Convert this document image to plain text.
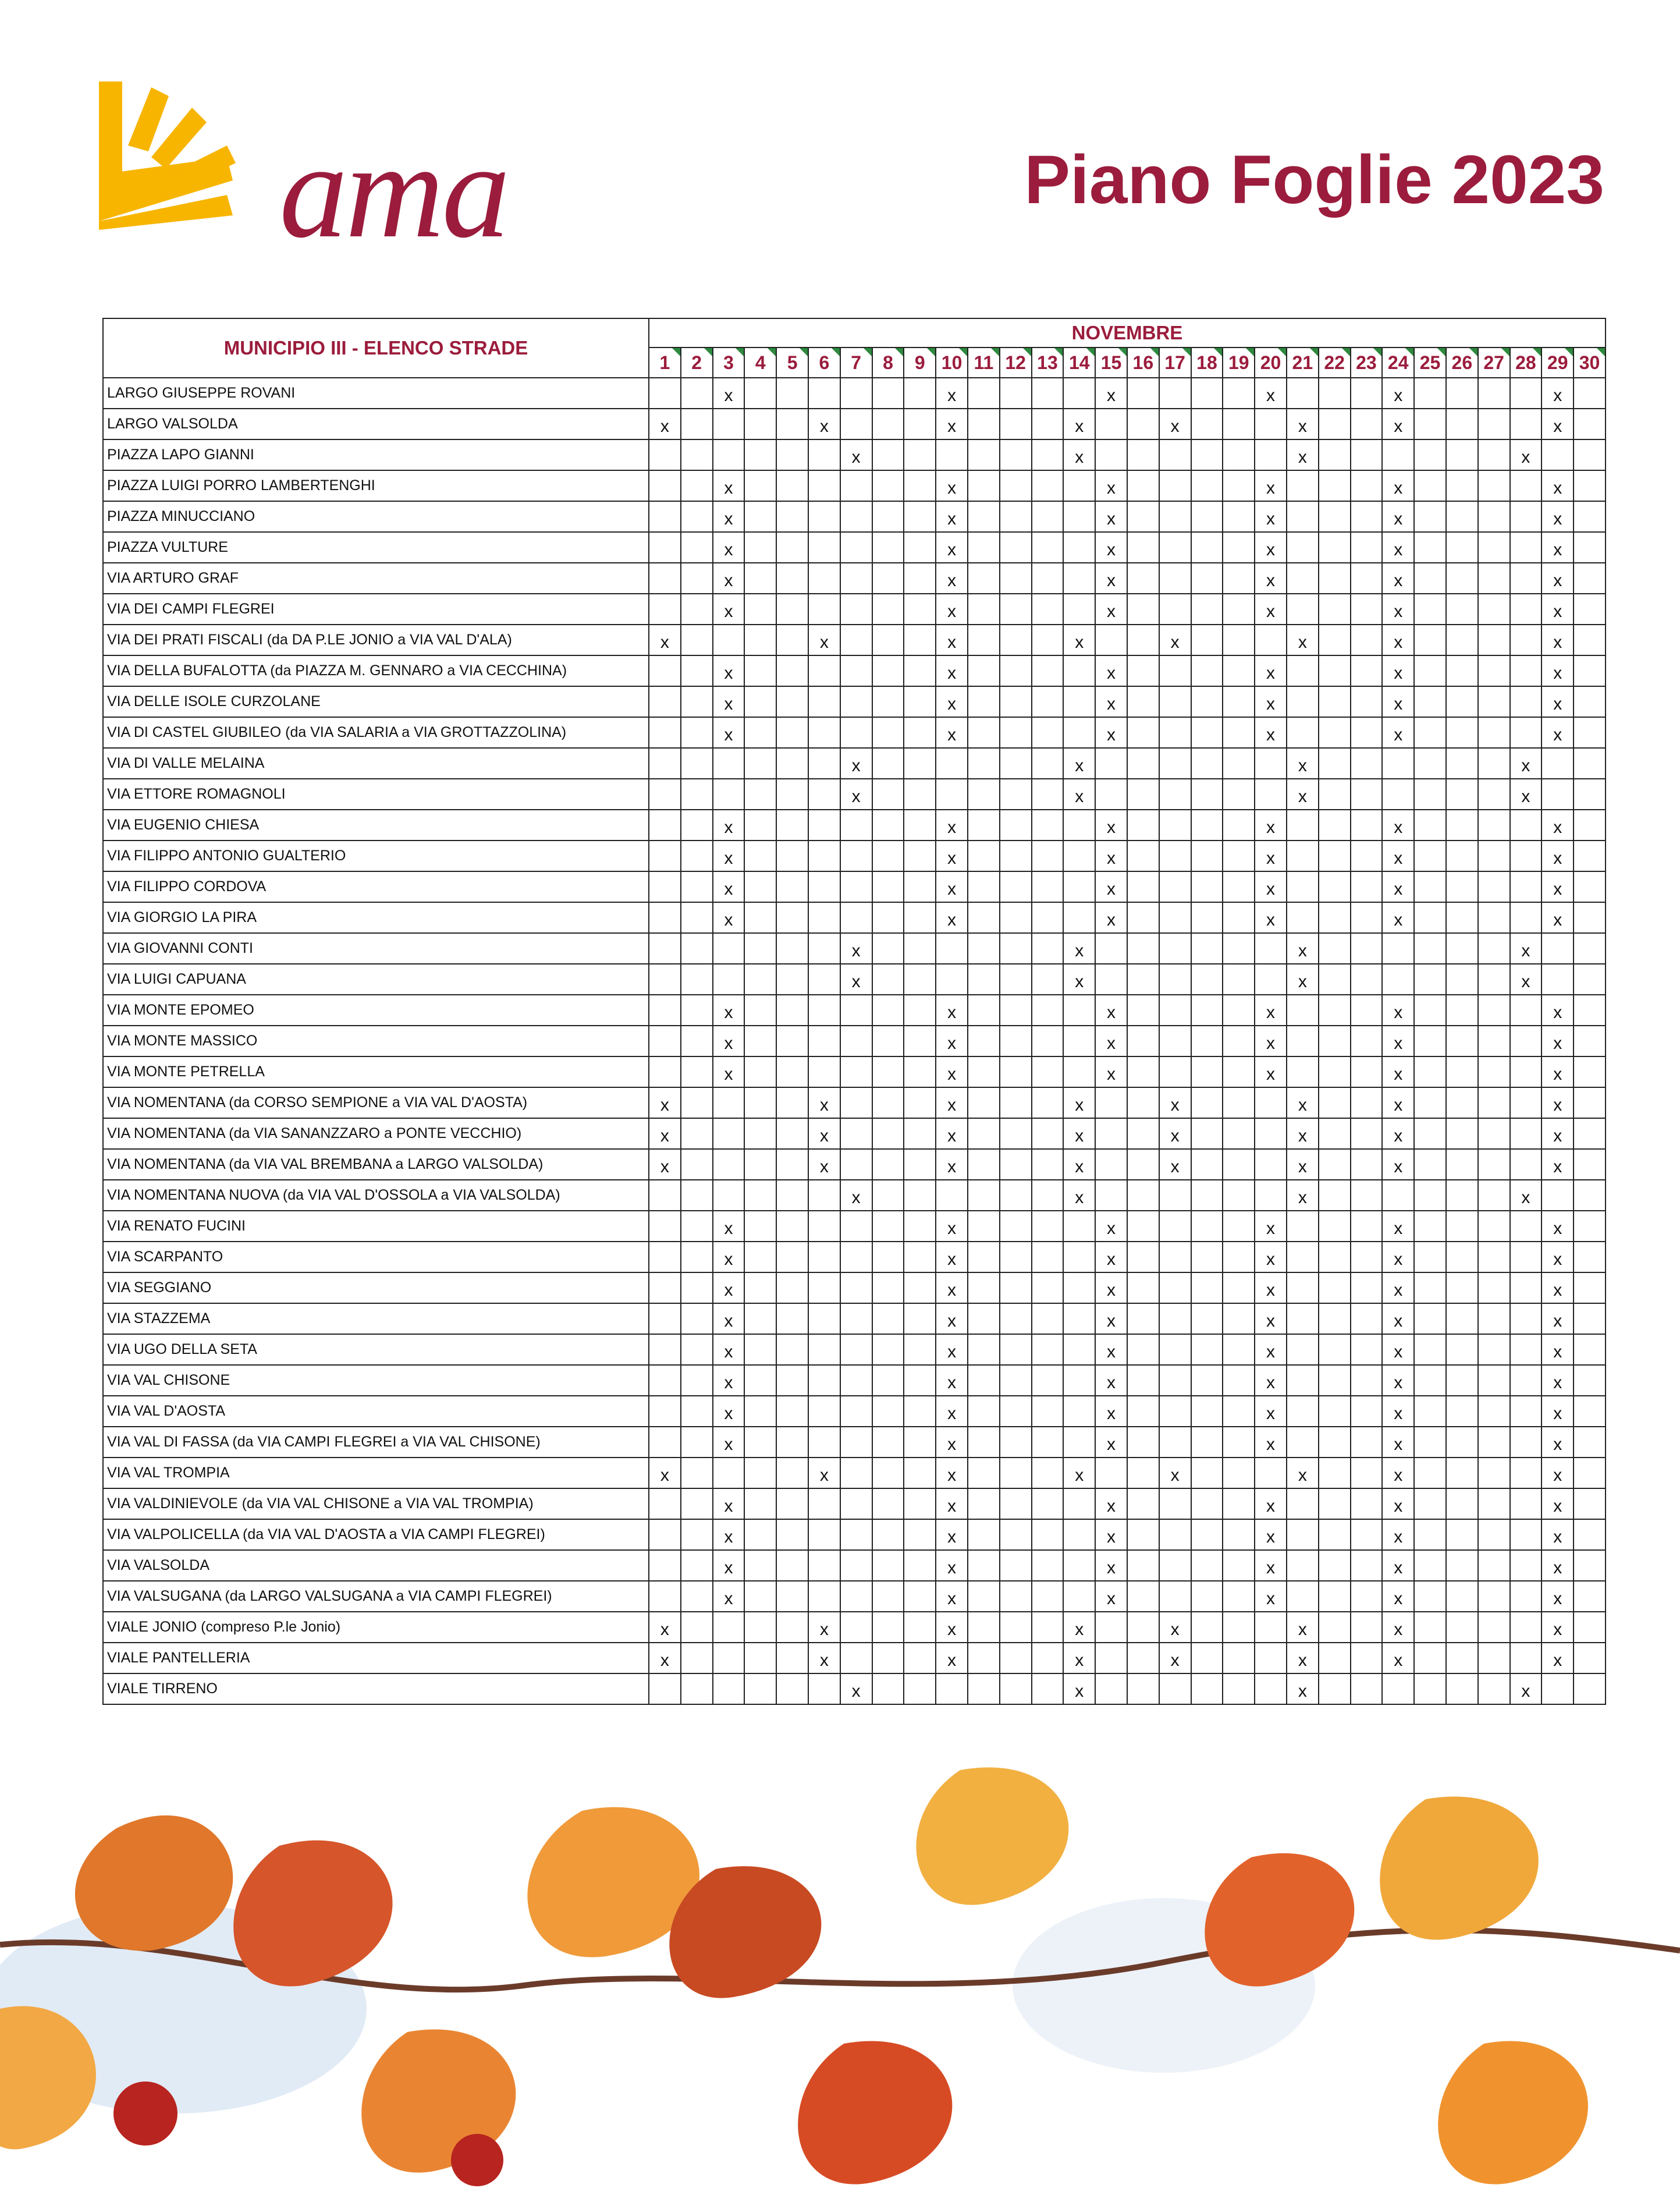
ama	Piano Foglie 2023
MUNICIPIO III - ELENCO STRADE	NOVEMBRE																													
	1	2	3	4	5	6	7	8	9	10	11	12	13	14	15	16	17	18	19	20	21	22	23	24	25	26	27	28	29	30
LARGO GIUSEPPE ROVANI			x							x					x					x				x					x	
LARGO VALSOLDA	x					x				x				x			x				x			x					x	
PIAZZA LAPO GIANNI							x							x							x							x		
PIAZZA LUIGI PORRO LAMBERTENGHI			x							x					x					x				x					x	
PIAZZA MINUCCIANO			x							x					x					x				x					x	
PIAZZA VULTURE			x							x					x					x				x					x	
VIA ARTURO GRAF			x							x					x					x				x					x	
VIA DEI CAMPI FLEGREI			x							x					x					x				x					x	
VIA DEI PRATI FISCALI (da DA P.LE JONIO a VIA VAL D'ALA)	x					x				x				x			x				x			x					x	
VIA DELLA BUFALOTTA (da PIAZZA M. GENNARO a VIA CECCHINA)			x							x					x					x				x					x	
VIA DELLE ISOLE CURZOLANE			x							x					x					x				x					x	
VIA DI CASTEL GIUBILEO (da VIA SALARIA a VIA GROTTAZZOLINA)			x							x					x					x				x					x	
VIA DI VALLE MELAINA							x							x							x							x		
VIA ETTORE ROMAGNOLI							x							x							x							x		
VIA EUGENIO CHIESA			x							x					x					x				x					x	
VIA FILIPPO ANTONIO GUALTERIO			x							x					x					x				x					x	
VIA FILIPPO CORDOVA			x							x					x					x				x					x	
VIA GIORGIO LA PIRA			x							x					x					x				x					x	
VIA GIOVANNI CONTI							x							x							x							x		
VIA LUIGI CAPUANA							x							x							x							x		
VIA MONTE EPOMEO			x							x					x					x				x					x	
VIA MONTE MASSICO			x							x					x					x				x					x	
VIA MONTE PETRELLA			x							x					x					x				x					x	
VIA NOMENTANA (da CORSO SEMPIONE a VIA VAL D'AOSTA)	x					x				x				x			x				x			x					x	
VIA NOMENTANA (da VIA SANANZZARO a PONTE VECCHIO)	x					x				x				x			x				x			x					x	
VIA NOMENTANA (da VIA VAL BREMBANA a LARGO VALSOLDA)	x					x				x				x			x				x			x					x	
VIA NOMENTANA NUOVA (da VIA VAL D'OSSOLA a VIA VALSOLDA)							x							x							x							x		
VIA RENATO FUCINI			x							x					x					x				x					x	
VIA SCARPANTO			x							x					x					x				x					x	
VIA SEGGIANO			x							x					x					x				x					x	
VIA STAZZEMA			x							x					x					x				x					x	
VIA UGO DELLA SETA			x							x					x					x				x					x	
VIA VAL CHISONE			x							x					x					x				x					x	
VIA VAL D'AOSTA			x							x					x					x				x					x	
VIA VAL DI FASSA (da VIA CAMPI FLEGREI a VIA VAL CHISONE)			x							x					x					x				x					x	
VIA VAL TROMPIA	x					x				x				x			x				x			x					x	
VIA VALDINIEVOLE (da VIA VAL CHISONE a VIA VAL TROMPIA)			x							x					x					x				x					x	
VIA VALPOLICELLA (da VIA VAL D'AOSTA a VIA CAMPI FLEGREI)			x							x					x					x				x					x	
VIA VALSOLDA			x							x					x					x				x					x	
VIA VALSUGANA (da LARGO VALSUGANA a VIA CAMPI FLEGREI)			x							x					x					x				x					x	
VIALE JONIO (compreso P.le Jonio)	x					x				x				x			x				x			x					x	
VIALE PANTELLERIA	x					x				x				x			x				x			x					x	
VIALE TIRRENO							x							x							x							x		
